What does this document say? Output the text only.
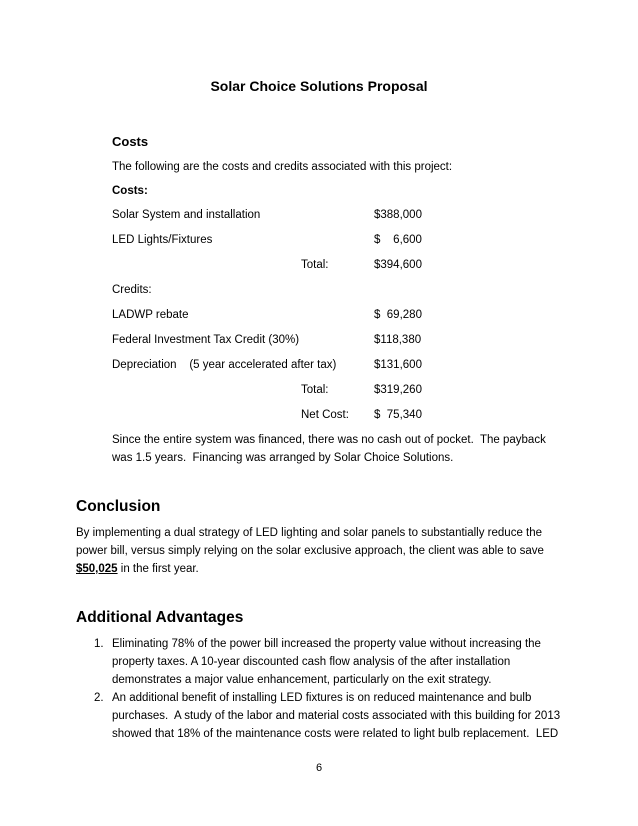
Solar Choice Solutions Proposal
Costs
The following are the costs and credits associated with this project:
Costs:
Solar System and installation	$388,000
LED Lights/Fixtures	$    6,600
Total:	$394,600
Credits:
LADWP rebate	$  69,280
Federal Investment Tax Credit (30%)	$118,380
Depreciation    (5 year accelerated after tax)	$131,600
Total:	$319,260
Net Cost: $  75,340
Since the entire system was financed, there was no cash out of pocket.  The payback
was 1.5 years.  Financing was arranged by Solar Choice Solutions.
Conclusion
By implementing a dual strategy of LED lighting and solar panels to substantially reduce the
power bill, versus simply relying on the solar exclusive approach, the client was able to save
$50,025 in the first year.
Additional Advantages
1. Eliminating 78% of the power bill increased the property value without increasing the
property taxes. A 10-year discounted cash flow analysis of the after installation
demonstrates a major value enhancement, particularly on the exit strategy.
2. An additional benefit of installing LED fixtures is on reduced maintenance and bulb
purchases.  A study of the labor and material costs associated with this building for 2013
showed that 18% of the maintenance costs were related to light bulb replacement.  LED
6
